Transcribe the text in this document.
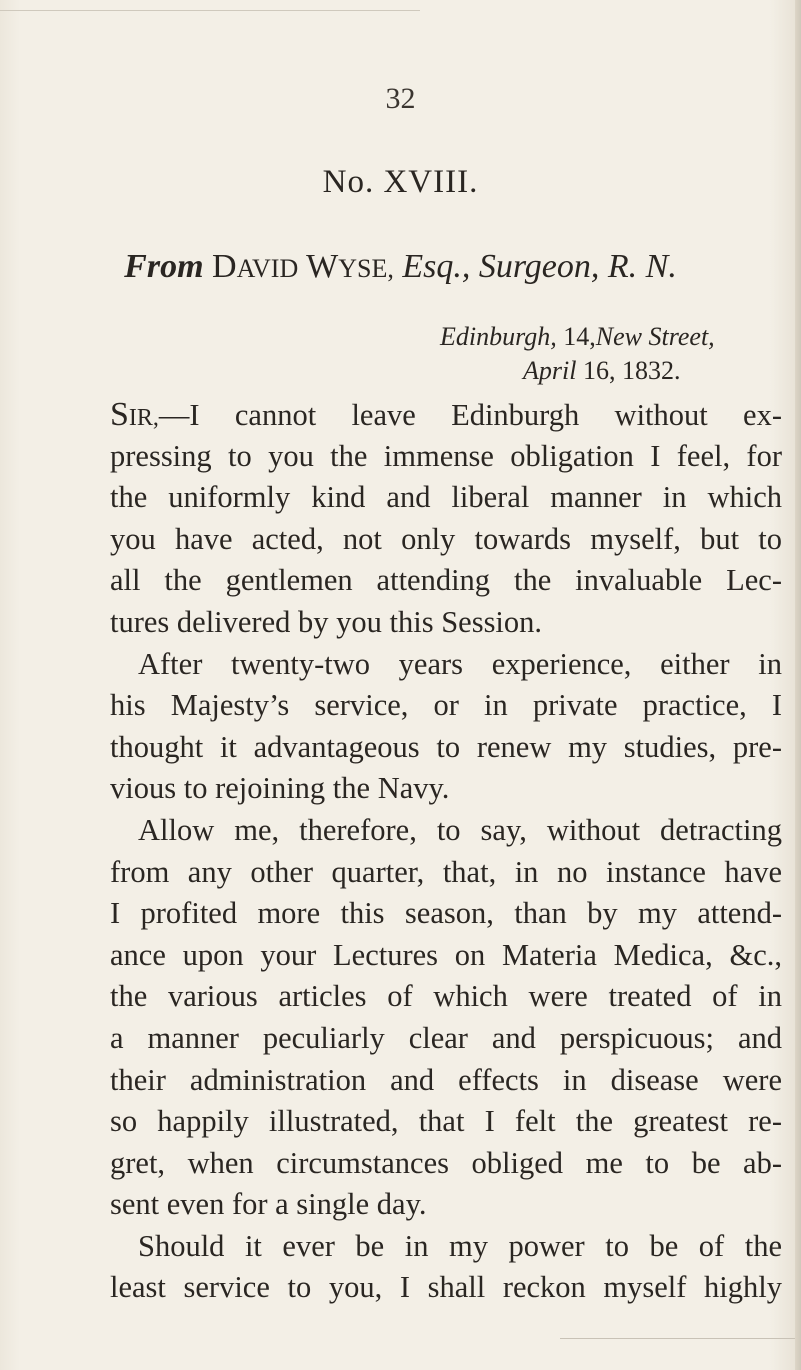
32
No. XVIII.
From DAVID WYSE, Esq., Surgeon, R. N.
Edinburgh, 14,New Street,
April 16, 1832.
SIR,—I cannot leave Edinburgh without ex-
pressing to you the immense obligation I feel, for
the uniformly kind and liberal manner in which
you have acted, not only towards myself, but to
all the gentlemen attending the invaluable Lec-
tures delivered by you this Session.
After twenty-two years experience, either in
his Majesty’s service, or in private practice, I
thought it advantageous to renew my studies, pre-
vious to rejoining the Navy.
Allow me, therefore, to say, without detracting
from any other quarter, that, in no instance have
I profited more this season, than by my attend-
ance upon your Lectures on Materia Medica, &c.,
the various articles of which were treated of in
a manner peculiarly clear and perspicuous; and
their administration and effects in disease were
so happily illustrated, that I felt the greatest re-
gret, when circumstances obliged me to be ab-
sent even for a single day.
Should it ever be in my power to be of the
least service to you, I shall reckon myself highly
